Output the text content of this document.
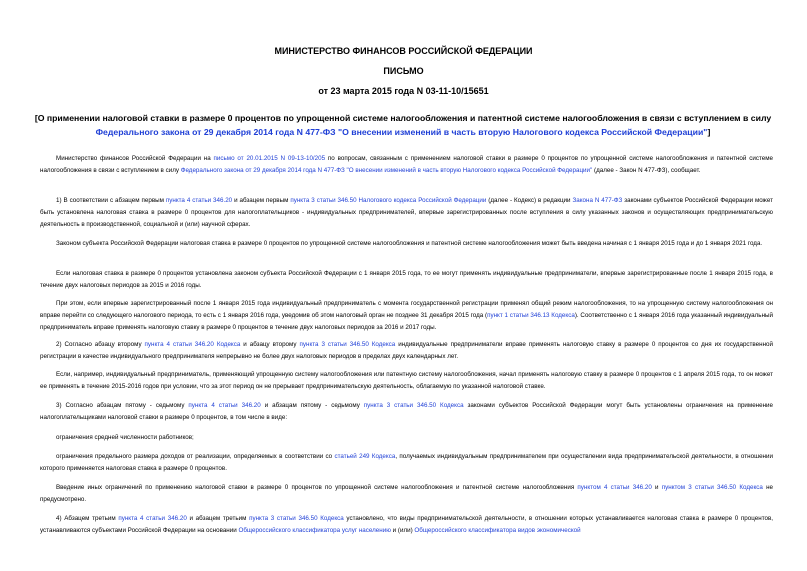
МИНИСТЕРСТВО ФИНАНСОВ РОССИЙСКОЙ ФЕДЕРАЦИИ
ПИСЬМО
от 23 марта 2015 года N 03-11-10/15651
[О применении налоговой ставки в размере 0 процентов по упрощенной системе налогообложения и патентной системе налогообложения в связи с вступлением в силу Федерального закона от 29 декабря 2014 года N 477-ФЗ "О внесении изменений в часть вторую Налогового кодекса Российской Федерации"]
Министерство финансов Российской Федерации на письмо от 20.01.2015 N 09-13-10/205 по вопросам, связанным с применением налоговой ставки в размере 0 процентов по упрощенной системе налогообложения и патентной системе налогообложения в связи с вступлением в силу Федерального закона от 29 декабря 2014 года N 477-ФЗ "О внесении изменений в часть вторую Налогового кодекса Российской Федерации" (далее - Закон N 477-ФЗ), сообщает.
1) В соответствии с абзацем первым пункта 4 статьи 346.20 и абзацем первым пункта 3 статьи 346.50 Налогового кодекса Российской Федерации (далее - Кодекс) в редакции Закона N 477-ФЗ законами субъектов Российской Федерации может быть установлена налоговая ставка в размере 0 процентов для налогоплательщиков - индивидуальных предпринимателей, впервые зарегистрированных после вступления в силу указанных законов и осуществляющих предпринимательскую деятельность в производственной, социальной и (или) научной сферах.
Законом субъекта Российской Федерации налоговая ставка в размере 0 процентов по упрощенной системе налогообложения и патентной системе налогообложения может быть введена начиная с 1 января 2015 года и до 1 января 2021 года.
Если налоговая ставка в размере 0 процентов установлена законом субъекта Российской Федерации с 1 января 2015 года, то ее могут применять индивидуальные предприниматели, впервые зарегистрированные после 1 января 2015 года, в течение двух налоговых периодов за 2015 и 2016 годы.
При этом, если впервые зарегистрированный после 1 января 2015 года индивидуальный предприниматель с момента государственной регистрации применял общий режим налогообложения, то на упрощенную систему налогообложения он вправе перейти со следующего налогового периода, то есть с 1 января 2016 года, уведомив об этом налоговый орган не позднее 31 декабря 2015 года (пункт 1 статьи 346.13 Кодекса). Соответственно с 1 января 2016 года указанный индивидуальный предприниматель вправе применять налоговую ставку в размере 0 процентов в течение двух налоговых периодов за 2016 и 2017 годы.
2) Согласно абзацу второму пункта 4 статьи 346.20 Кодекса и абзацу второму пункта 3 статьи 346.50 Кодекса индивидуальные предприниматели вправе применять налоговую ставку в размере 0 процентов со дня их государственной регистрации в качестве индивидуального предпринимателя непрерывно не более двух налоговых периодов в пределах двух календарных лет.
Если, например, индивидуальный предприниматель, применяющий упрощенную систему налогообложения или патентную систему налогообложения, начал применять налоговую ставку в размере 0 процентов с 1 апреля 2015 года, то он может ее применять в течение 2015-2016 годов при условии, что за этот период он не прерывает предпринимательскую деятельность, облагаемую по указанной налоговой ставке.
3) Согласно абзацам пятому - седьмому пункта 4 статьи 346.20 и абзацам пятому - седьмому пункта 3 статьи 346.50 Кодекса законами субъектов Российской Федерации могут быть установлены ограничения на применение налогоплательщиками налоговой ставки в размере 0 процентов, в том числе в виде:
ограничения средней численности работников;
ограничения предельного размера доходов от реализации, определяемых в соответствии со статьей 249 Кодекса, получаемых индивидуальным предпринимателем при осуществлении вида предпринимательской деятельности, в отношении которого применяется налоговая ставка в размере 0 процентов.
Введение иных ограничений по применению налоговой ставки в размере 0 процентов по упрощенной системе налогообложения и патентной системе налогообложения пунктом 4 статьи 346.20 и пунктом 3 статьи 346.50 Кодекса не предусмотрено.
4) Абзацем третьим пункта 4 статьи 346.20 и абзацем третьим пункта 3 статьи 346.50 Кодекса установлено, что виды предпринимательской деятельности, в отношении которых устанавливается налоговая ставка в размере 0 процентов, устанавливаются субъектами Российской Федерации на основании Общероссийского классификатора услуг населению и (или) Общероссийского классификатора видов экономической
